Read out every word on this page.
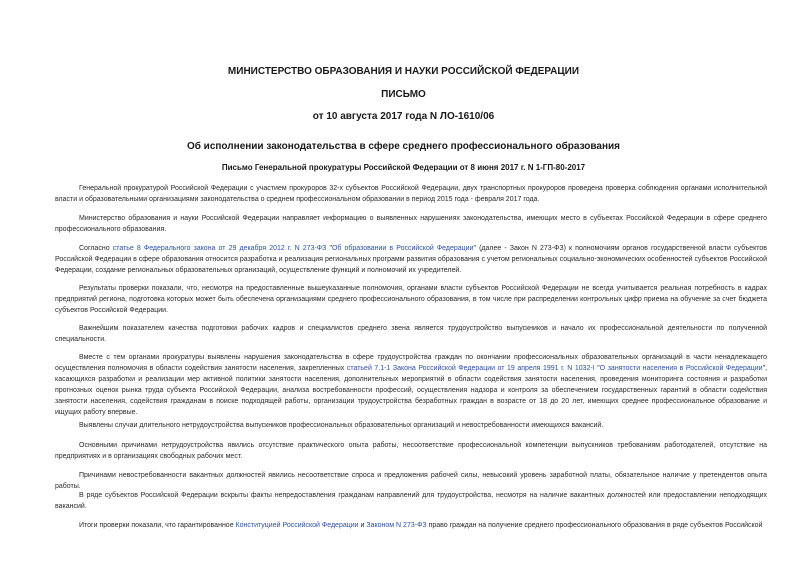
МИНИСТЕРСТВО ОБРАЗОВАНИЯ И НАУКИ РОССИЙСКОЙ ФЕДЕРАЦИИ
ПИСЬМО
от 10 августа 2017 года N ЛО-1610/06
Об исполнении законодательства в сфере среднего профессионального образования
Письмо Генеральной прокуратуры Российской Федерации от 8 июня 2017 г. N 1-ГП-80-2017

Генеральной прокуратурой Российской Федерации с участием прокуроров 32-х субъектов Российской Федерации, двух транспортных прокуроров проведена проверка соблюдения органами исполнительной власти и образовательными организациями законодательства о среднем профессиональном образовании в период 2015 года - февраля 2017 года.

Министерство образования и науки Российской Федерации направляет информацию о выявленных нарушениях законодательства, имеющих место в субъектах Российской Федерации в сфере среднего профессионального образования.

Согласно статье 8 Федерального закона от 29 декабря 2012 г. N 273-ФЗ "Об образовании в Российской Федерации" (далее - Закон N 273-ФЗ) к полномочиям органов государственной власти субъектов Российской Федерации в сфере образования относится разработка и реализация региональных программ развития образования с учетом региональных социально-экономических особенностей субъектов Российской Федерации, создание региональных образовательных организаций, осуществление функций и полномочий их учредителей.

Результаты проверки показали, что, несмотря на предоставленные вышеуказанные полномочия, органами власти субъектов Российской Федерации не всегда учитывается реальная потребность в кадрах предприятий региона, подготовка которых может быть обеспечена организациями среднего профессионального образования, в том числе при распределении контрольных цифр приема на обучение за счет бюджета субъектов Российской Федерации.

Важнейшим показателем качества подготовки рабочих кадров и специалистов среднего звена является трудоустройство выпускников и начало их профессиональной деятельности по полученной специальности.

Вместе с тем органами прокуратуры выявлены нарушения законодательства в сфере трудоустройства граждан по окончании профессиональных образовательных организаций в части ненадлежащего осуществления полномочия в области содействия занятости населения, закрепленных статьей 7.1-1 Закона Российской Федерации от 19 апреля 1991 г. N 1032-I "О занятости населения в Российской Федерации", касающихся разработки и реализации мер активной политики занятости населения, дополнительных мероприятий в области содействия занятости населения, проведения мониторинга состояния и разработки прогнозных оценок рынка труда субъекта Российской Федерации, анализа востребованности профессий, осуществления надзора и контроля за обеспечением государственных гарантий в области содействия занятости населения, содействия гражданам в поиске подходящей работы, организации трудоустройства безработных граждан в возрасте от 18 до 20 лет, имеющих среднее профессиональное образование и ищущих работу впервые.

Выявлены случаи длительного нетрудоустройства выпускников профессиональных образовательных организаций и невостребованности имеющихся вакансий.

Основными причинами нетрудоустройства явились отсутствие практического опыта работы, несоответствие профессиональной компетенции выпускников требованиям работодателей, отсутствие на предприятиях и в организациях свободных рабочих мест.

Причинами невостребованности вакантных должностей явились несоответствие спроса и предложения рабочей силы, невысокий уровень заработной платы, обязательное наличие у претендентов опыта работы.

В ряде субъектов Российской Федерации вскрыты факты непредоставления гражданам направлений для трудоустройства, несмотря на наличие вакантных должностей или предоставлении неподходящих вакансий.

Итоги проверки показали, что гарантированное Конституцией Российской Федерации и Законом N 273-ФЗ право граждан на получение среднего профессионального образования в ряде субъектов Российской
